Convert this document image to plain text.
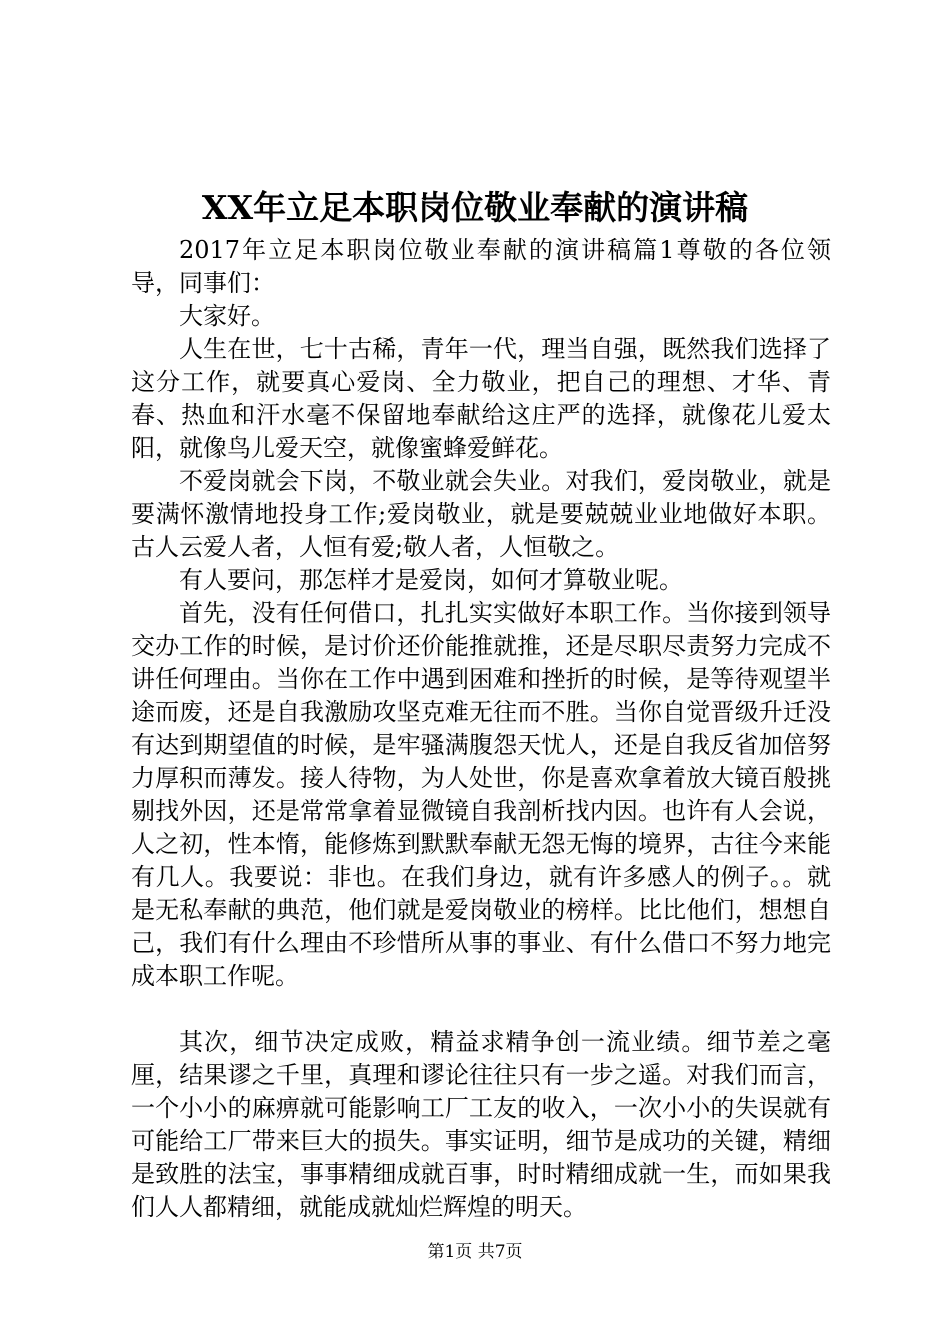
XX年立足本职岗位敬业奉献的演讲稿

2017年立足本职岗位敬业奉献的演讲稿篇1尊敬的各位领导，同事们：

大家好。

人生在世，七十古稀，青年一代，理当自强，既然我们选择了这分工作，就要真心爱岗、全力敬业，把自己的理想、才华、青春、热血和汗水毫不保留地奉献给这庄严的选择，就像花儿爱太阳，就像鸟儿爱天空，就像蜜蜂爱鲜花。

不爱岗就会下岗，不敬业就会失业。对我们，爱岗敬业，就是要满怀激情地投身工作;爱岗敬业，就是要兢兢业业地做好本职。古人云爱人者，人恒有爱;敬人者，人恒敬之。

有人要问，那怎样才是爱岗，如何才算敬业呢。

首先，没有任何借口，扎扎实实做好本职工作。当你接到领导交办工作的时候，是讨价还价能推就推，还是尽职尽责努力完成不讲任何理由。当你在工作中遇到困难和挫折的时候，是等待观望半途而废，还是自我激励攻坚克难无往而不胜。当你自觉晋级升迁没有达到期望值的时候，是牢骚满腹怨天忧人，还是自我反省加倍努力厚积而薄发。接人待物，为人处世，你是喜欢拿着放大镜百般挑剔找外因，还是常常拿着显微镜自我剖析找内因。也许有人会说，人之初，性本惰，能修炼到默默奉献无怨无悔的境界，古往今来能有几人。我要说：非也。在我们身边，就有许多感人的例子。。就是无私奉献的典范，他们就是爱岗敬业的榜样。比比他们，想想自己，我们有什么理由不珍惜所从事的事业、有什么借口不努力地完成本职工作呢。

其次，细节决定成败，精益求精争创一流业绩。细节差之毫厘，结果谬之千里，真理和谬论往往只有一步之遥。对我们而言，一个小小的麻痹就可能影响工厂工友的收入，一次小小的失误就有可能给工厂带来巨大的损失。事实证明，细节是成功的关键，精细是致胜的法宝，事事精细成就百事，时时精细成就一生，而如果我们人人都精细，就能成就灿烂辉煌的明天。

第1页 共7页
